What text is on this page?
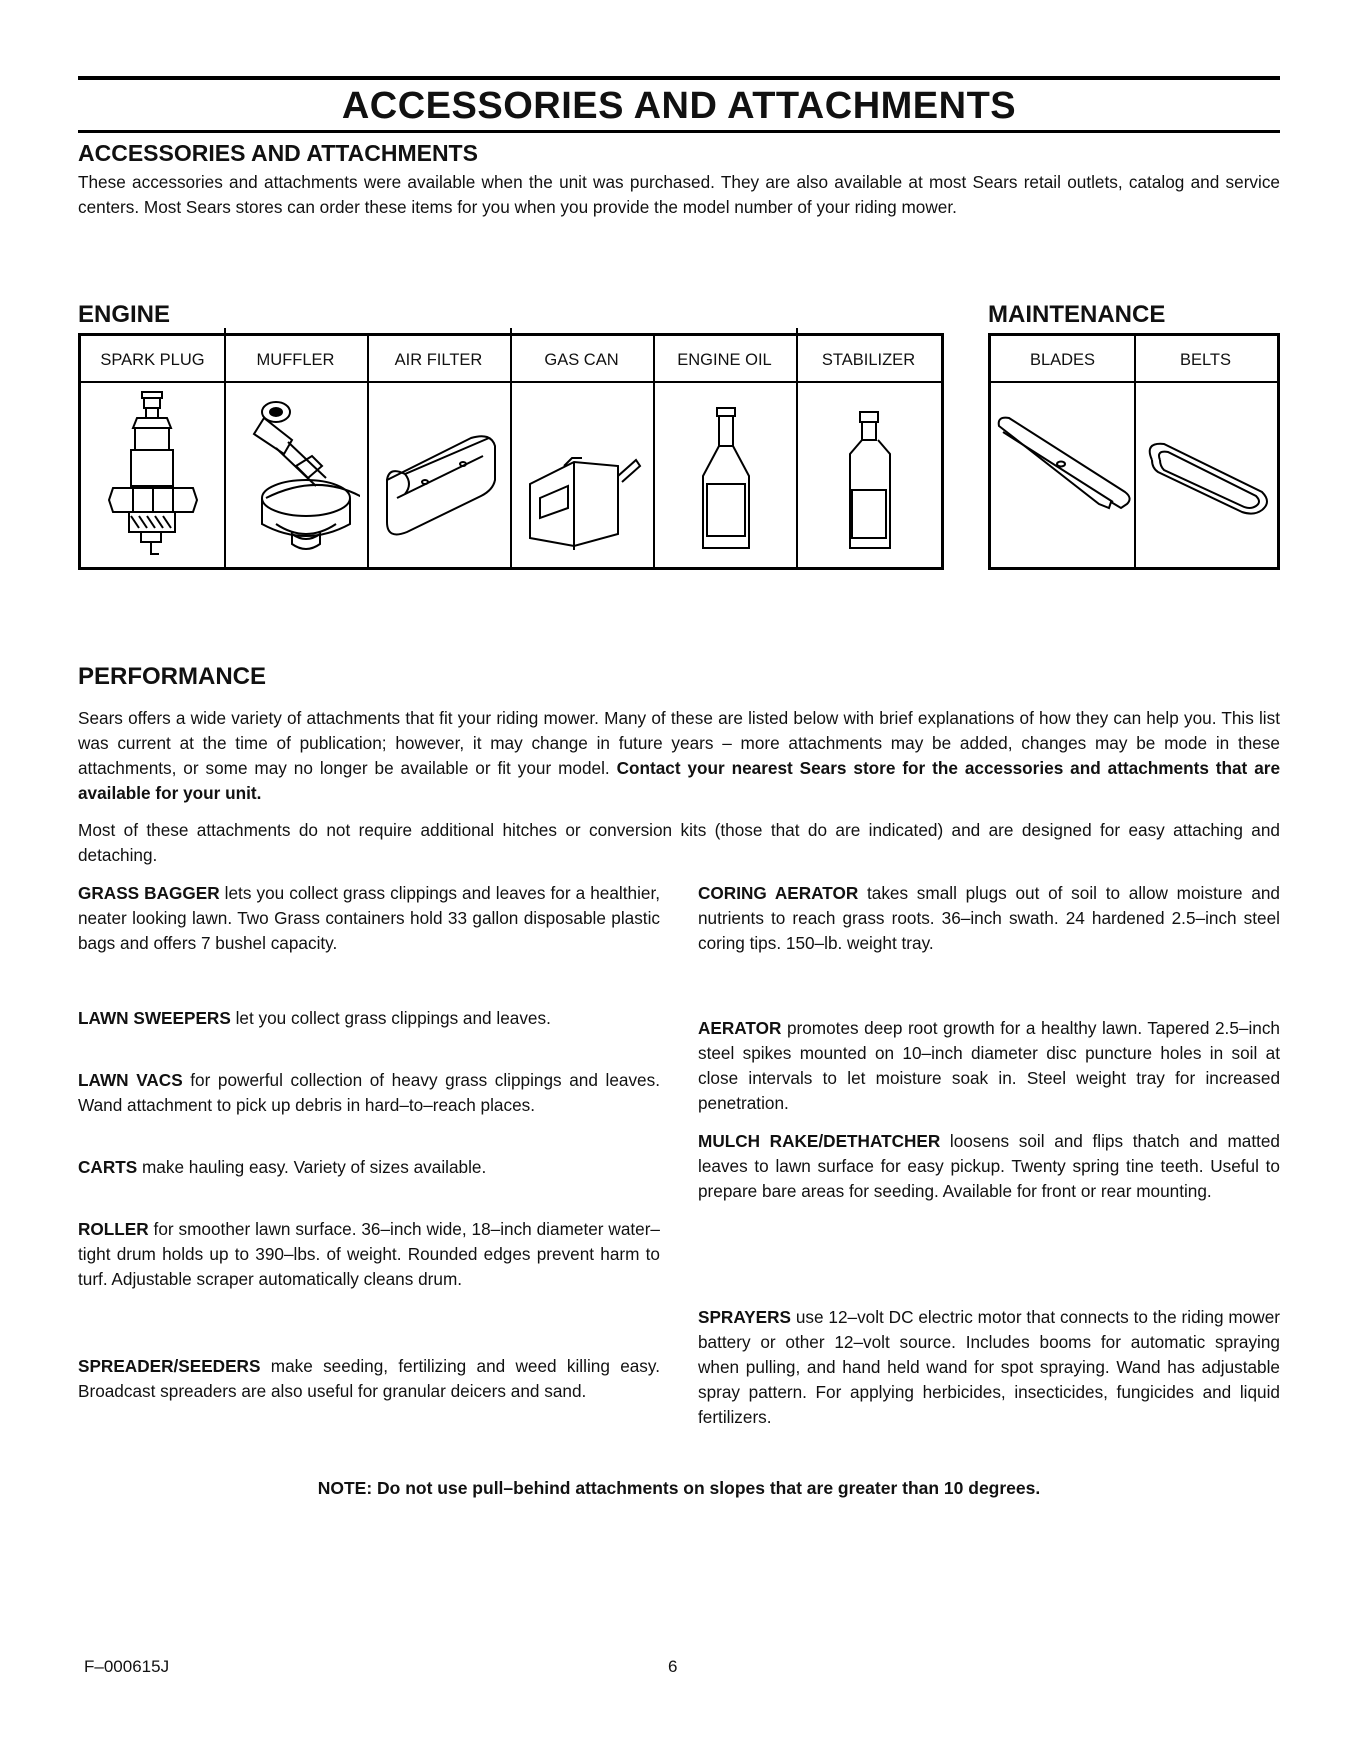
ACCESSORIES AND ATTACHMENTS
ACCESSORIES AND ATTACHMENTS
These accessories and attachments were available when the unit was purchased. They are also available at most Sears retail outlets, catalog and service centers. Most Sears stores can order these items for you when you provide the model number of your riding mower.
ENGINE
SPARK PLUG	MUFFLER	AIR FILTER	GAS CAN	ENGINE OIL	STABILIZER
MAINTENANCE
BLADES	BELTS
PERFORMANCE
Sears offers a wide variety of attachments that fit your riding mower. Many of these are listed below with brief explanations of how they can help you. This list was current at the time of publication; however, it may change in future years – more attachments may be added, changes may be mode in these attachments, or some may no longer be available or fit your model. Contact your nearest Sears store for the accessories and attachments that are available for your unit.
Most of these attachments do not require additional hitches or conversion kits (those that do are indicated) and are designed for easy attaching and detaching.
GRASS BAGGER lets you collect grass clippings and leaves for a healthier, neater looking lawn. Two Grass containers hold 33 gallon disposable plastic bags and offers 7 bushel capacity.
LAWN SWEEPERS let you collect grass clippings and leaves.
LAWN VACS for powerful collection of heavy grass clippings and leaves. Wand attachment to pick up debris in hard–to–reach places.
CARTS make hauling easy. Variety of sizes available.
ROLLER for smoother lawn surface. 36–inch wide, 18–inch diameter water–tight drum holds up to 390–lbs. of weight. Rounded edges prevent harm to turf. Adjustable scraper automatically cleans drum.
SPREADER/SEEDERS make seeding, fertilizing and weed killing easy. Broadcast spreaders are also useful for granular deicers and sand.
CORING AERATOR takes small plugs out of soil to allow moisture and nutrients to reach grass roots. 36–inch swath. 24 hardened 2.5–inch steel coring tips. 150–lb. weight tray.
AERATOR promotes deep root growth for a healthy lawn. Tapered 2.5–inch steel spikes mounted on 10–inch diameter disc puncture holes in soil at close intervals to let moisture soak in. Steel weight tray for increased penetration.
MULCH RAKE/DETHATCHER loosens soil and flips thatch and matted leaves to lawn surface for easy pickup. Twenty spring tine teeth. Useful to prepare bare areas for seeding. Available for front or rear mounting.
SPRAYERS use 12–volt DC electric motor that connects to the riding mower battery or other 12–volt source. Includes booms for automatic spraying when pulling, and hand held wand for spot spraying. Wand has adjustable spray pattern. For applying herbicides, insecticides, fungicides and liquid fertilizers.
NOTE: Do not use pull–behind attachments on slopes that are greater than 10 degrees.
F–000615J	6
